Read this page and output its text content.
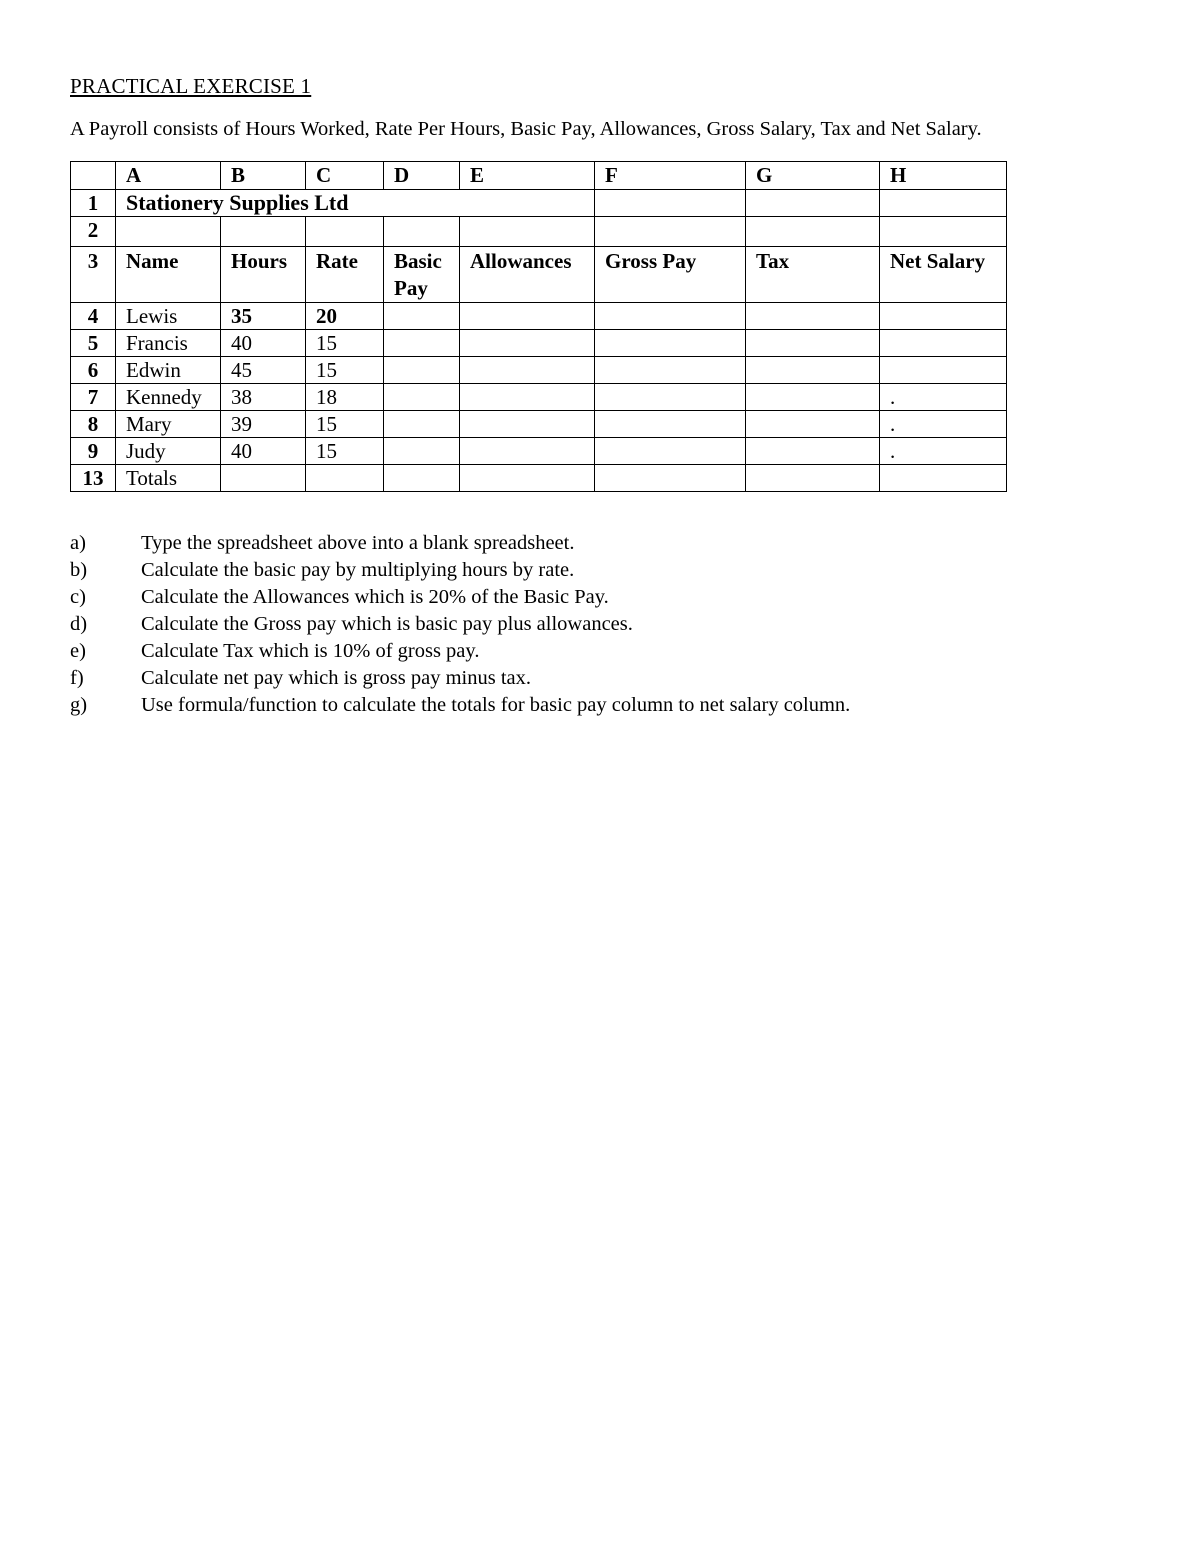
PRACTICAL EXERCISE 1
A Payroll consists of Hours Worked, Rate Per Hours, Basic Pay, Allowances, Gross Salary, Tax and Net Salary.
	A	B	C	D	E	F	G	H
1	Stationery Supplies Ltd							
2								
3	Name	Hours	Rate	Basic Pay	Allowances	Gross Pay	Tax	Net Salary
4	Lewis	35	20					
5	Francis	40	15					
6	Edwin	45	15					
7	Kennedy	38	18					.
8	Mary	39	15					.
9	Judy	40	15					.
13	Totals							
a)	Type the spreadsheet above into a blank spreadsheet.
b)	Calculate the basic pay by multiplying hours by rate.
c)	Calculate the Allowances which is 20% of the Basic Pay.
d)	Calculate the Gross pay which is basic pay plus allowances.
e)	Calculate Tax which is 10% of gross pay.
f)	Calculate net pay which is gross pay minus tax.
g)	Use formula/function to calculate the totals for basic pay column to net salary column.
